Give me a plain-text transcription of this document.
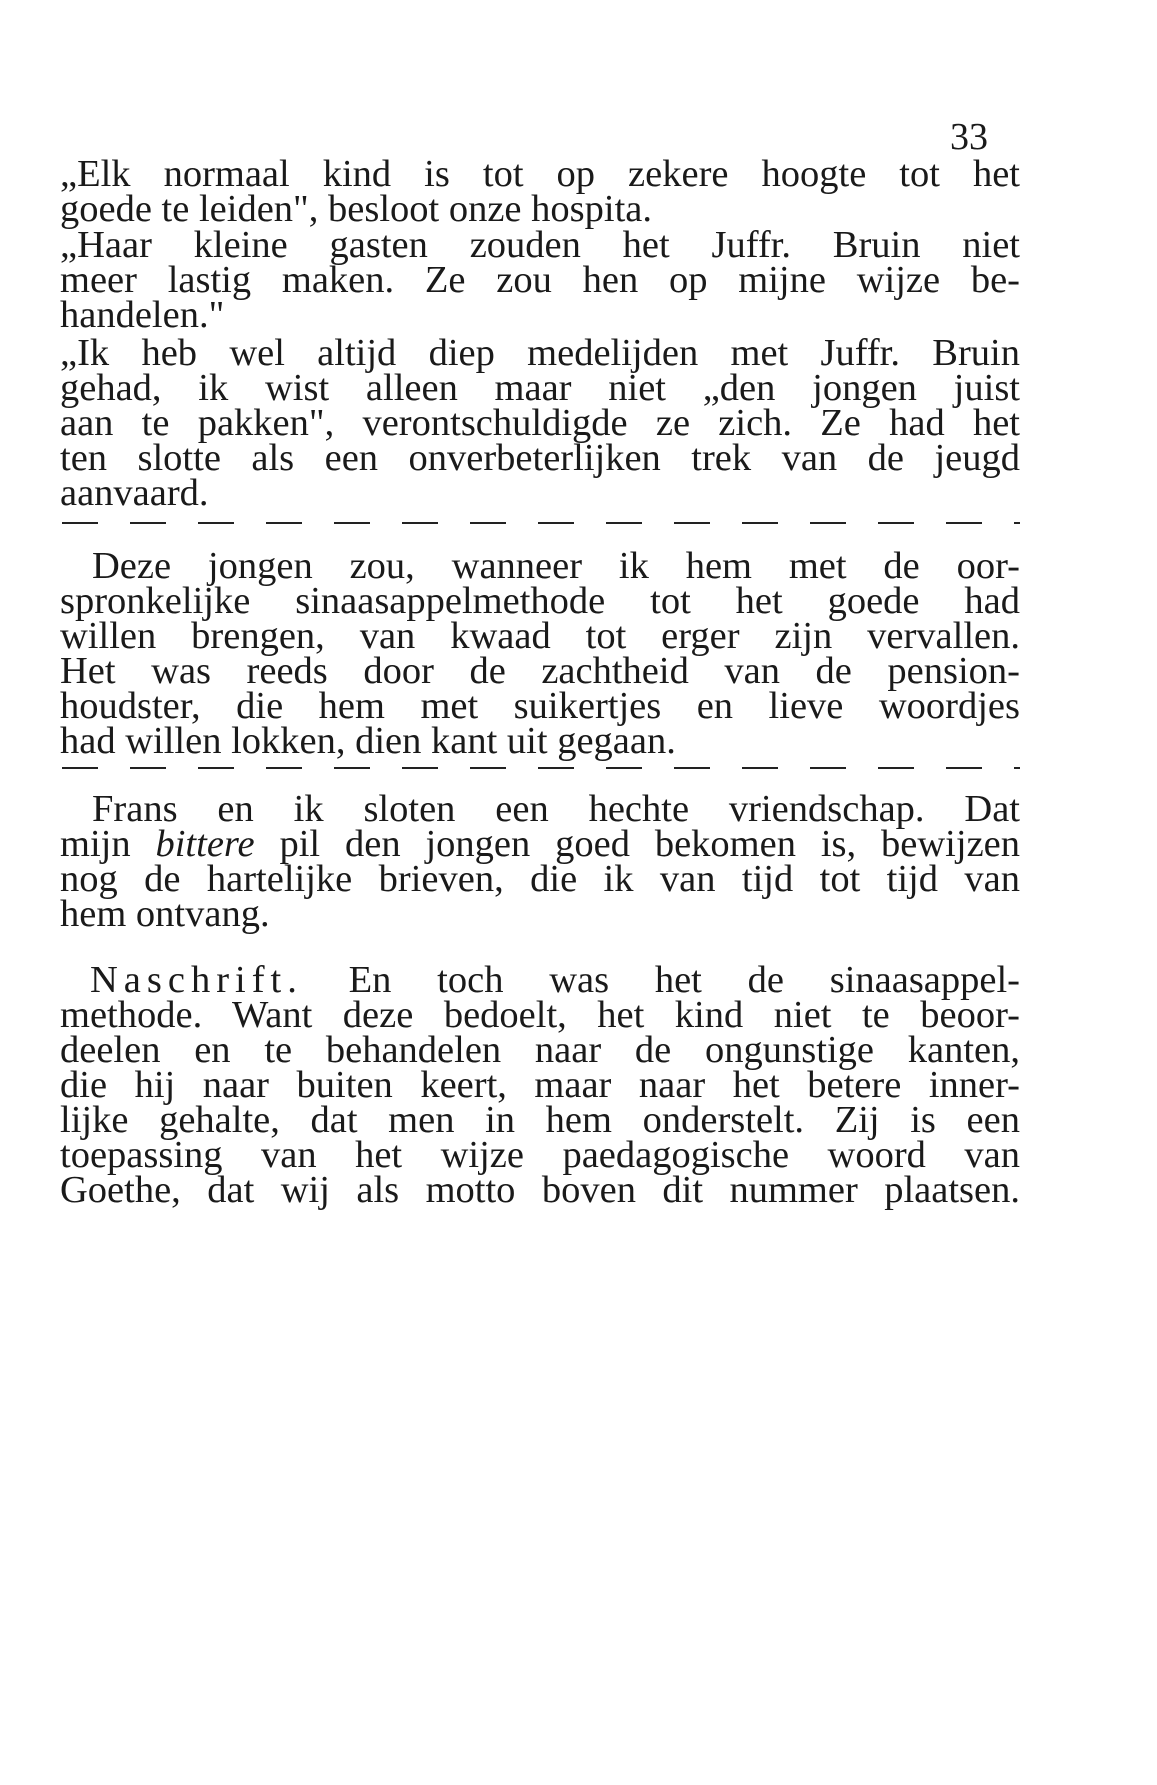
33
„Elk normaal kind is tot op zekere hoogte tot het
goede te leiden", besloot onze hospita.
„Haar kleine gasten zouden het Juffr. Bruin niet
meer lastig maken. Ze zou hen op mijne wijze be-
handelen."
„Ik heb wel altijd diep medelijden met Juffr. Bruin
gehad, ik wist alleen maar niet „den jongen juist
aan te pakken", verontschuldigde ze zich. Ze had het
ten slotte als een onverbeterlijken trek van de jeugd
aanvaard.
Deze jongen zou, wanneer ik hem met de oor-
spronkelijke sinaasappelmethode tot het goede had
willen brengen, van kwaad tot erger zijn vervallen.
Het was reeds door de zachtheid van de pension-
houdster, die hem met suikertjes en lieve woordjes
had willen lokken, dien kant uit gegaan.
Frans en ik sloten een hechte vriendschap. Dat
mijn bittere pil den jongen goed bekomen is, bewijzen
nog de hartelijke brieven, die ik van tijd tot tijd van
hem ontvang.
Naschrift. En toch was het de sinaasappel-
methode. Want deze bedoelt, het kind niet te beoor-
deelen en te behandelen naar de ongunstige kanten,
die hij naar buiten keert, maar naar het betere inner-
lijke gehalte, dat men in hem onderstelt. Zij is een
toepassing van het wijze paedagogische woord van
Goethe, dat wij als motto boven dit nummer plaatsen.
